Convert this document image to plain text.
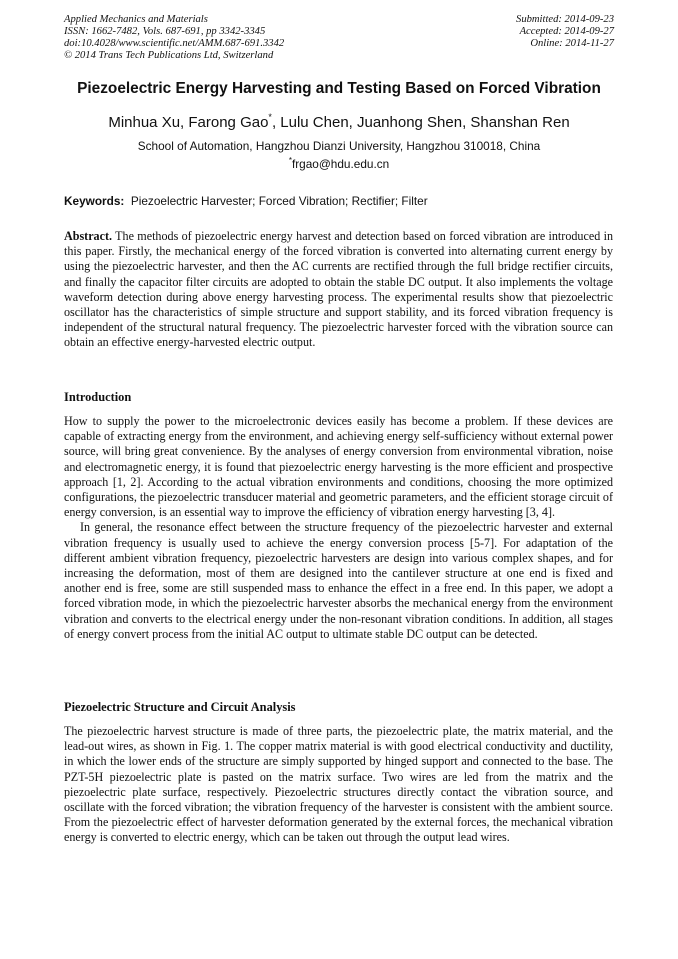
Applied Mechanics and Materials
ISSN: 1662-7482, Vols. 687-691, pp 3342-3345
doi:10.4028/www.scientific.net/AMM.687-691.3342
© 2014 Trans Tech Publications Ltd, Switzerland
Submitted: 2014-09-23
Accepted: 2014-09-27
Online: 2014-11-27
Piezoelectric Energy Harvesting and Testing Based on Forced Vibration
Minhua Xu, Farong Gao*, Lulu Chen, Juanhong Shen, Shanshan Ren
School of Automation, Hangzhou Dianzi University, Hangzhou 310018, China
*frgao@hdu.edu.cn
Keywords: Piezoelectric Harvester; Forced Vibration; Rectifier; Filter

Abstract. The methods of piezoelectric energy harvest and detection based on forced vibration are introduced in this paper. Firstly, the mechanical energy of the forced vibration is converted into alternating current energy by using the piezoelectric harvester, and then the AC currents are rectified through the full bridge rectifier circuits, and finally the capacitor filter circuits are adopted to obtain the stable DC output. It also implements the voltage waveform detection during above energy harvesting process. The experimental results show that piezoelectric oscillator has the characteristics of simple structure and support stability, and its forced vibration frequency is independent of the structural natural frequency. The piezoelectric harvester forced with the vibration source can obtain an effective energy-harvested electric output.

Introduction

How to supply the power to the microelectronic devices easily has become a problem. If these devices are capable of extracting energy from the environment, and achieving energy self-sufficiency without external power source, will bring great convenience. By the analyses of energy conversion from environmental vibration, noise and electromagnetic energy, it is found that piezoelectric energy harvesting is the more efficient and prospective approach [1, 2]. According to the actual vibration environments and conditions, choosing the more optimized configurations, the piezoelectric transducer material and geometric parameters, and the efficient storage circuit of energy conversion, is an essential way to improve the efficiency of vibration energy harvesting [3, 4].

In general, the resonance effect between the structure frequency of the piezoelectric harvester and external vibration frequency is usually used to achieve the energy conversion process [5-7]. For adaptation of the different ambient vibration frequency, piezoelectric harvesters are design into various complex shapes, and for increasing the deformation, most of them are designed into the cantilever structure at one end is fixed and another end is free, some are still suspended mass to enhance the effect in a free end. In this paper, we adopt a forced vibration mode, in which the piezoelectric harvester absorbs the mechanical energy from the environment vibration and converts to the electrical energy under the non-resonant vibration conditions. In addition, all stages of energy convert process from the initial AC output to ultimate stable DC output can be detected.

Piezoelectric Structure and Circuit Analysis

The piezoelectric harvest structure is made of three parts, the piezoelectric plate, the matrix material, and the lead-out wires, as shown in Fig. 1. The copper matrix material is with good electrical conductivity and ductility, in which the lower ends of the structure are simply supported by hinged support and connected to the base. The PZT-5H piezoelectric plate is pasted on the matrix surface. Two wires are led from the matrix and the piezoelectric plate surface, respectively. Piezoelectric structures directly contact the vibration source, and oscillate with the forced vibration; the vibration frequency of the harvester is consistent with the ambient source. From the piezoelectric effect of harvester deformation generated by the external forces, the mechanical vibration energy is converted to electric energy, which can be taken out through the output lead wires.
